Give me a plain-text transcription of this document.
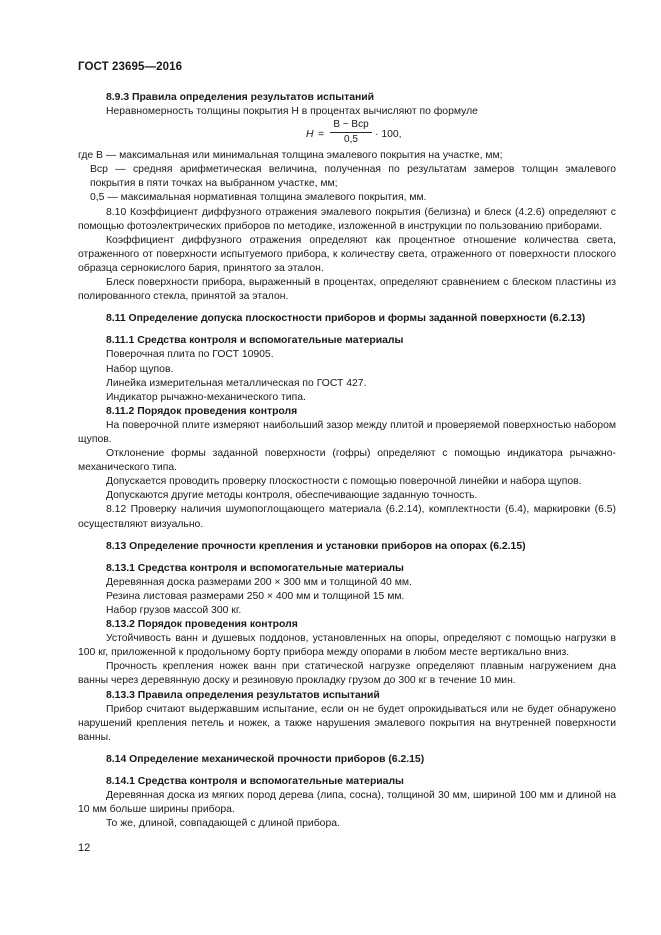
ГОСТ 23695—2016

8.9.3 Правила определения результатов испытаний

Неравномерность толщины покрытия H в процентах вычисляют по формуле

H =
B − Bср
0,5	· 100,

где B — максимальная или минимальная толщина эмалевого покрытия на участке, мм;

Bср — средняя арифметическая величина, полученная по результатам замеров толщин эмалевого покрытия в пяти точках на выбранном участке, мм;

0,5 — максимальная нормативная толщина эмалевого покрытия, мм.

8.10 Коэффициент диффузного отражения эмалевого покрытия (белизна) и блеск (4.2.6) определяют с помощью фотоэлектрических приборов по методике, изложенной в инструкции по пользованию приборами.

Коэффициент диффузного отражения определяют как процентное отношение количества света, отраженного от поверхности испытуемого прибора, к количеству света, отраженного от поверхности плоского образца сернокислого бария, принятого за эталон.

Блеск поверхности прибора, выраженный в процентах, определяют сравнением с блеском пластины из полированного стекла, принятой за эталон.

8.11 Определение допуска плоскостности приборов и формы заданной поверхности (6.2.13)

8.11.1 Средства контроля и вспомогательные материалы

Поверочная плита по ГОСТ 10905.

Набор щупов.

Линейка измерительная металлическая по ГОСТ 427.

Индикатор рычажно-механического типа.

8.11.2 Порядок проведения контроля

На поверочной плите измеряют наибольший зазор между плитой и проверяемой поверхностью набором щупов.

Отклонение формы заданной поверхности (гофры) определяют с помощью индикатора рычажно-механического типа.

Допускается проводить проверку плоскостности с помощью поверочной линейки и набора щупов.

Допускаются другие методы контроля, обеспечивающие заданную точность.

8.12 Проверку наличия шумопоглощающего материала (6.2.14), комплектности (6.4), маркировки (6.5) осуществляют визуально.

8.13 Определение прочности крепления и установки приборов на опорах (6.2.15)

8.13.1 Средства контроля и вспомогательные материалы

Деревянная доска размерами 200 × 300 мм и толщиной 40 мм.

Резина листовая размерами 250 × 400 мм и толщиной 15 мм.

Набор грузов массой 300 кг.

8.13.2 Порядок проведения контроля

Устойчивость ванн и душевых поддонов, установленных на опоры, определяют с помощью нагрузки в 100 кг, приложенной к продольному борту прибора между опорами в любом месте вертикально вниз.

Прочность крепления ножек ванн при статической нагрузке определяют плавным нагружением дна ванны через деревянную доску и резиновую прокладку грузом до 300 кг в течение 10 мин.

8.13.3 Правила определения результатов испытаний

Прибор считают выдержавшим испытание, если он не будет опрокидываться или не будет обнаружено нарушений крепления петель и ножек, а также нарушения эмалевого покрытия на внутренней поверхности ванны.

8.14 Определение механической прочности приборов (6.2.15)

8.14.1 Средства контроля и вспомогательные материалы

Деревянная доска из мягких пород дерева (липа, сосна), толщиной 30 мм, шириной 100 мм и длиной на 10 мм больше ширины прибора.

То же, длиной, совпадающей с длиной прибора.

12
